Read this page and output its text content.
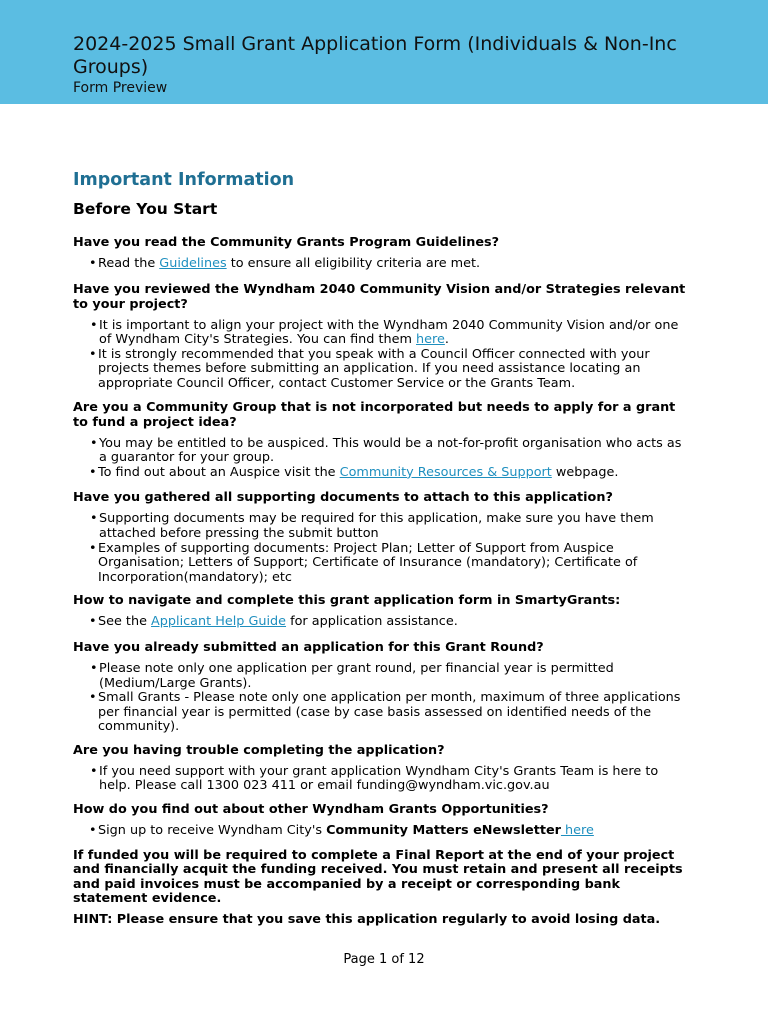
2024-2025 Small Grant Application Form (Individuals & Non-Inc Groups)
Form Preview
Important Information
Before You Start

Have you read the Community Grants Program Guidelines?

• Read the Guidelines to ensure all eligibility criteria are met.

Have you reviewed the Wyndham 2040 Community Vision and/or Strategies relevant to your project?

• It is important to align your project with the Wyndham 2040 Community Vision and/or one of Wyndham City's Strategies. You can find them here.
• It is strongly recommended that you speak with a Council Officer connected with your projects themes before submitting an application. If you need assistance locating an appropriate Council Officer, contact Customer Service or the Grants Team.

Are you a Community Group that is not incorporated but needs to apply for a grant to fund a project idea?

• You may be entitled to be auspiced. This would be a not-for-profit organisation who acts as a guarantor for your group.
• To find out about an Auspice visit the Community Resources & Support webpage.

Have you gathered all supporting documents to attach to this application?

• Supporting documents may be required for this application, make sure you have them attached before pressing the submit button
• Examples of supporting documents: Project Plan; Letter of Support from Auspice Organisation; Letters of Support; Certificate of Insurance (mandatory); Certificate of Incorporation(mandatory); etc

How to navigate and complete this grant application form in SmartyGrants:

• See the Applicant Help Guide for application assistance.

Have you already submitted an application for this Grant Round?

• Please note only one application per grant round, per financial year is permitted (Medium/Large Grants).
• Small Grants - Please note only one application per month, maximum of three applications per financial year is permitted (case by case basis assessed on identified needs of the community).

Are you having trouble completing the application?

• If you need support with your grant application Wyndham City's Grants Team is here to help. Please call 1300 023 411 or email funding@wyndham.vic.gov.au

How do you find out about other Wyndham Grants Opportunities?

• Sign up to receive Wyndham City's Community Matters eNewsletter here

If funded you will be required to complete a Final Report at the end of your project and financially acquit the funding received. You must retain and present all receipts and paid invoices must be accompanied by a receipt or corresponding bank statement evidence.

HINT: Please ensure that you save this application regularly to avoid losing data.

Page 1 of 12
